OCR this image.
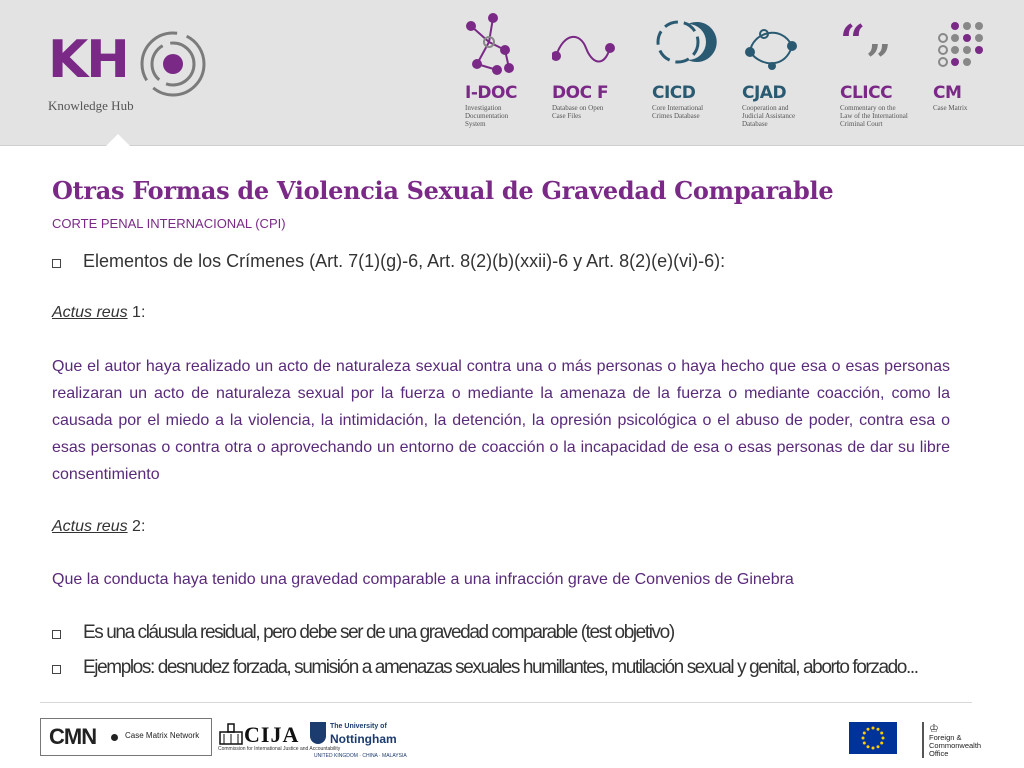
KH
Knowledge Hub
I-DOC
Investigation
Documentation
System
DOC F
Database on Open
Case Files
CICD
Core International
Crimes Database
CJAD
Cooperation and
Judicial Assistance
Database
“ ”
CLICC
Commentary on the
Law of the International
Criminal Court
CM
Case Matrix
Otras Formas de Violencia Sexual de Gravedad Comparable
CORTE PENAL INTERNACIONAL (CPI)
Elementos de los Crímenes (Art. 7(1)(g)-6, Art. 8(2)(b)(xxii)-6 y Art. 8(2)(e)(vi)-6):
Actus reus 1:
Que el autor haya realizado un acto de naturaleza sexual contra una o más personas o haya hecho que esa o esas personas realizaran un acto de naturaleza sexual por la fuerza o mediante la amenaza de la fuerza o mediante coacción, como la causada por el miedo a la violencia, la intimidación, la detención, la opresión psicológica o el abuso de poder, contra esa o esas personas o contra otra o aprovechando un entorno de coacción o la incapacidad de esa o esas personas de dar su libre consentimiento
Actus reus 2:
Que la conducta haya tenido una gravedad comparable a una infracción grave de Convenios de Ginebra
Es una cláusula residual, pero debe ser de una gravedad comparable (test objetivo)
Ejemplos: desnudez forzada, sumisión a amenazas sexuales humillantes, mutilación sexual y genital, aborto forzado...
CMN	Case Matrix Network CIJA
Commission for International Justice and Accountability
The University of
Nottingham
UNITED KINGDOM · CHINA · MALAYSIA
♔
Foreign &
Commonwealth
Office
